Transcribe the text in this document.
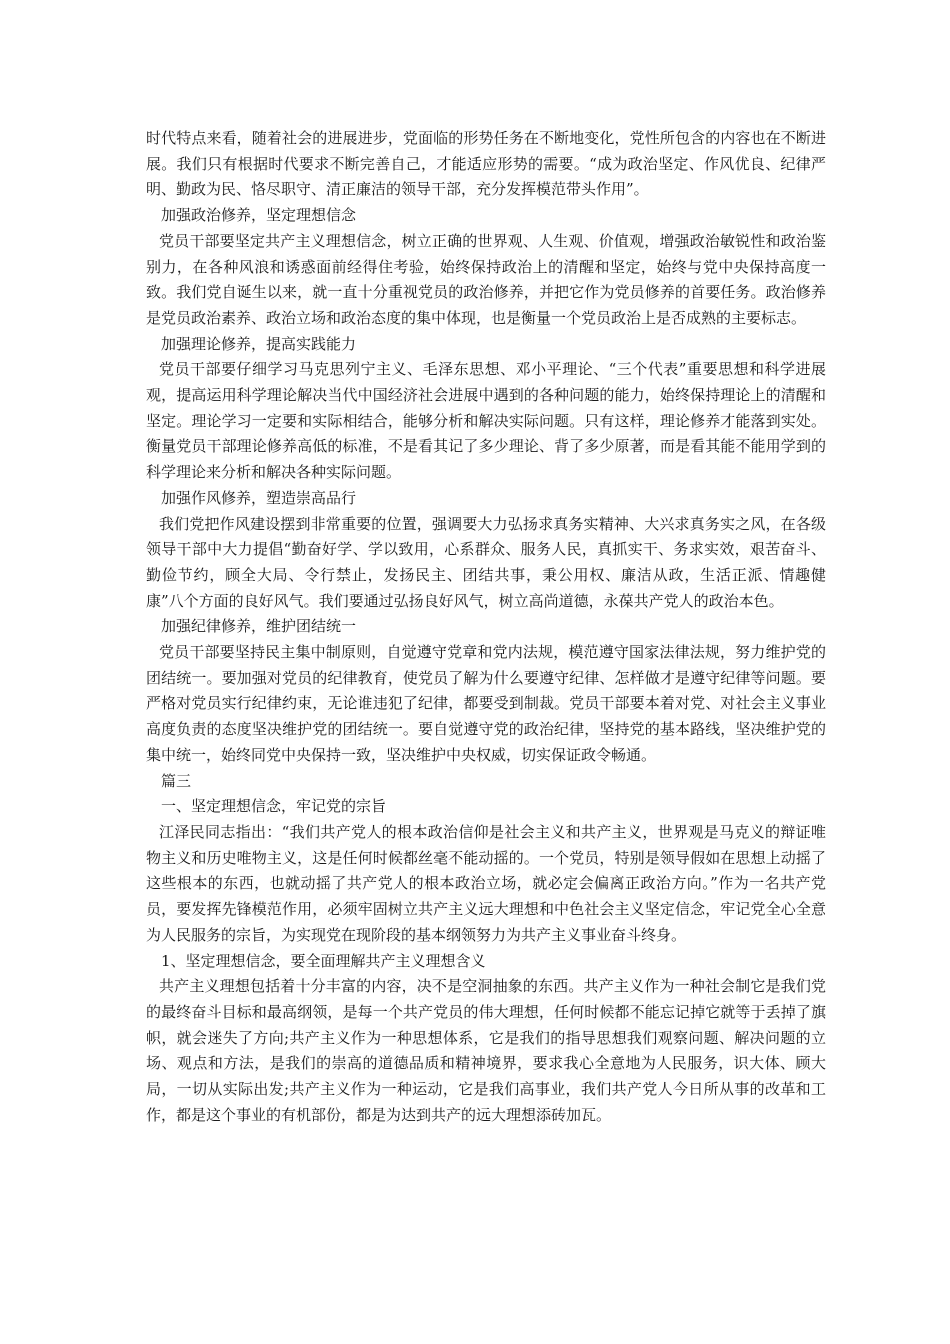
时代特点来看，随着社会的进展进步，党面临的形势任务在不断地变化，党性所包含的内容也在不断进展。我们只有根据时代要求不断完善自己，才能适应形势的需要。“成为政治坚定、作风优良、纪律严明、勤政为民、恪尽职守、清正廉洁的领导干部，充分发挥模范带头作用”。

加强政治修养，坚定理想信念

党员干部要坚定共产主义理想信念，树立正确的世界观、人生观、价值观，增强政治敏锐性和政治鉴别力，在各种风浪和诱惑面前经得住考验，始终保持政治上的清醒和坚定，始终与党中央保持高度一致。我们党自诞生以来，就一直十分重视党员的政治修养，并把它作为党员修养的首要任务。政治修养是党员政治素养、政治立场和政治态度的集中体现，也是衡量一个党员政治上是否成熟的主要标志。

加强理论修养，提高实践能力

党员干部要仔细学习马克思列宁主义、毛泽东思想、邓小平理论、“三个代表”重要思想和科学进展观，提高运用科学理论解决当代中国经济社会进展中遇到的各种问题的能力，始终保持理论上的清醒和坚定。理论学习一定要和实际相结合，能够分析和解决实际问题。只有这样，理论修养才能落到实处。衡量党员干部理论修养高低的标准，不是看其记了多少理论、背了多少原著，而是看其能不能用学到的科学理论来分析和解决各种实际问题。

加强作风修养，塑造崇高品行

我们党把作风建设摆到非常重要的位置，强调要大力弘扬求真务实精神、大兴求真务实之风，在各级领导干部中大力提倡“勤奋好学、学以致用，心系群众、服务人民，真抓实干、务求实效，艰苦奋斗、勤俭节约，顾全大局、令行禁止，发扬民主、团结共事，秉公用权、廉洁从政，生活正派、情趣健康”八个方面的良好风气。我们要通过弘扬良好风气，树立高尚道德，永葆共产党人的政治本色。

加强纪律修养，维护团结统一

党员干部要坚持民主集中制原则，自觉遵守党章和党内法规，模范遵守国家法律法规，努力维护党的团结统一。要加强对党员的纪律教育，使党员了解为什么要遵守纪律、怎样做才是遵守纪律等问题。要严格对党员实行纪律约束，无论谁违犯了纪律，都要受到制裁。党员干部要本着对党、对社会主义事业高度负责的态度坚决维护党的团结统一。要自觉遵守党的政治纪律，坚持党的基本路线，坚决维护党的集中统一，始终同党中央保持一致，坚决维护中央权威，切实保证政令畅通。

篇三

一、坚定理想信念，牢记党的宗旨

江泽民同志指出：“我们共产党人的根本政治信仰是社会主义和共产主义，世界观是马克义的辩证唯物主义和历史唯物主义，这是任何时候都丝毫不能动摇的。一个党员，特别是领导假如在思想上动摇了这些根本的东西，也就动摇了共产党人的根本政治立场，就必定会偏离正政治方向。”作为一名共产党员，要发挥先锋模范作用，必须牢固树立共产主义远大理想和中色社会主义坚定信念，牢记党全心全意为人民服务的宗旨，为实现党在现阶段的基本纲领努力为共产主义事业奋斗终身。

1、坚定理想信念，要全面理解共产主义理想含义

共产主义理想包括着十分丰富的内容，决不是空洞抽象的东西。共产主义作为一种社会制它是我们党的最终奋斗目标和最高纲领，是每一个共产党员的伟大理想，任何时候都不能忘记掉它就等于丢掉了旗帜，就会迷失了方向;共产主义作为一种思想体系，它是我们的指导思想我们观察问题、解决问题的立场、观点和方法，是我们的崇高的道德品质和精神境界，要求我心全意地为人民服务，识大体、顾大局，一切从实际出发;共产主义作为一种运动，它是我们高事业，我们共产党人今日所从事的改革和工作，都是这个事业的有机部份，都是为达到共产的远大理想添砖加瓦。
